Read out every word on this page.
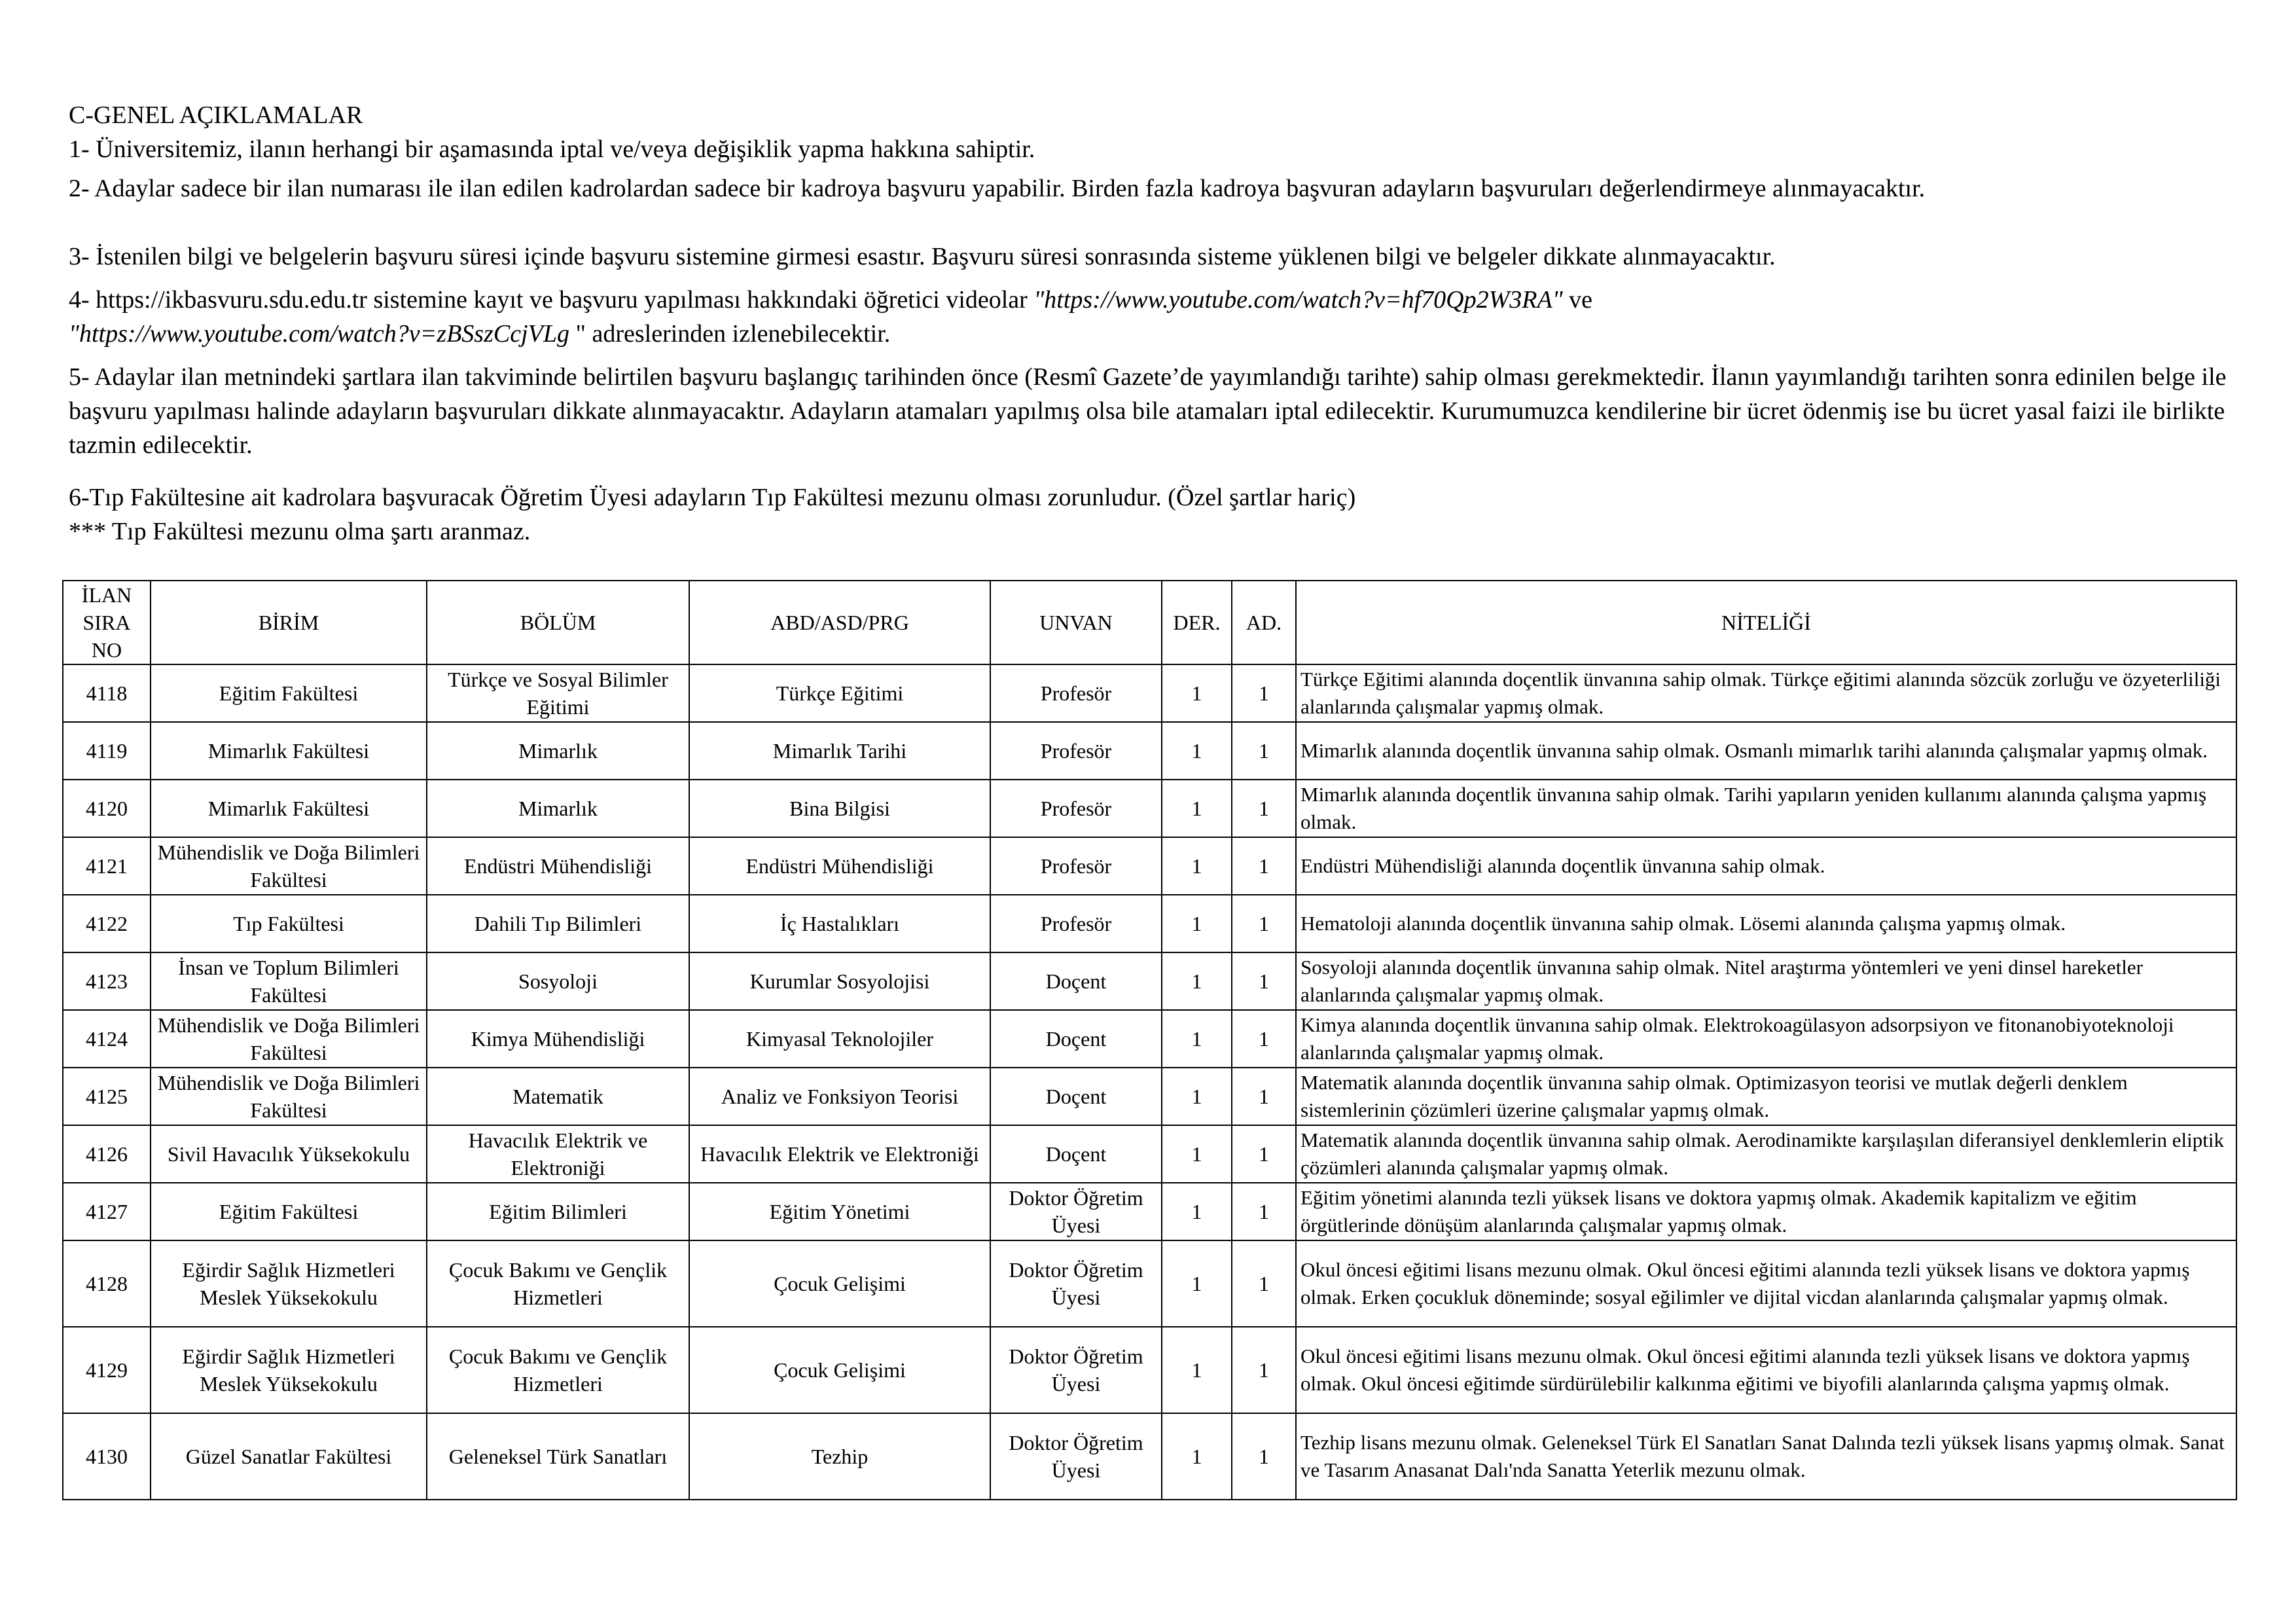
C-GENEL AÇIKLAMALAR

1- Üniversitemiz, ilanın herhangi bir aşamasında iptal ve/veya değişiklik yapma hakkına sahiptir.

2- Adaylar sadece bir ilan numarası ile ilan edilen kadrolardan sadece bir kadroya başvuru yapabilir. Birden fazla kadroya başvuran adayların başvuruları değerlendirmeye alınmayacaktır.

3- İstenilen bilgi ve belgelerin başvuru süresi içinde başvuru sistemine girmesi esastır. Başvuru süresi sonrasında sisteme yüklenen bilgi ve belgeler dikkate alınmayacaktır.

4- https://ikbasvuru.sdu.edu.tr sistemine kayıt ve başvuru yapılması hakkındaki öğretici videolar "https://www.youtube.com/watch?v=hf70Qp2W3RA" ve
"https://www.youtube.com/watch?v=zBSszCcjVLg " adreslerinden izlenebilecektir.

5- Adaylar ilan metnindeki şartlara ilan takviminde belirtilen başvuru başlangıç tarihinden önce (Resmî Gazete’de yayımlandığı tarihte) sahip olması gerekmektedir. İlanın yayımlandığı tarihten sonra edinilen belge ile başvuru yapılması halinde adayların başvuruları dikkate alınmayacaktır. Adayların atamaları yapılmış olsa bile atamaları iptal edilecektir. Kurumumuzca kendilerine bir ücret ödenmiş ise bu ücret yasal faizi ile birlikte tazmin edilecektir.

6-Tıp Fakültesine ait kadrolara başvuracak Öğretim Üyesi adayların Tıp Fakültesi mezunu olması zorunludur. (Özel şartlar hariç)

*** Tıp Fakültesi mezunu olma şartı aranmaz.

İLAN
SIRA
NO	BİRİM	BÖLÜM	ABD/ASD/PRG	UNVAN	DER.	AD.	NİTELİĞİ
4118	Eğitim Fakültesi	Türkçe ve Sosyal Bilimler Eğitimi	Türkçe Eğitimi	Profesör	1	1	Türkçe Eğitimi alanında doçentlik ünvanına sahip olmak. Türkçe eğitimi alanında sözcük zorluğu ve özyeterliliği alanlarında çalışmalar yapmış olmak.
4119	Mimarlık Fakültesi	Mimarlık	Mimarlık Tarihi	Profesör	1	1	Mimarlık alanında doçentlik ünvanına sahip olmak. Osmanlı mimarlık tarihi alanında çalışmalar yapmış olmak.
4120	Mimarlık Fakültesi	Mimarlık	Bina Bilgisi	Profesör	1	1	Mimarlık alanında doçentlik ünvanına sahip olmak. Tarihi yapıların yeniden kullanımı alanında çalışma yapmış olmak.
4121	Mühendislik ve Doğa Bilimleri Fakültesi	Endüstri Mühendisliği	Endüstri Mühendisliği	Profesör	1	1	Endüstri Mühendisliği alanında doçentlik ünvanına sahip olmak.
4122	Tıp Fakültesi	Dahili Tıp Bilimleri	İç Hastalıkları	Profesör	1	1	Hematoloji alanında doçentlik ünvanına sahip olmak. Lösemi alanında çalışma yapmış olmak.
4123	İnsan ve Toplum Bilimleri Fakültesi	Sosyoloji	Kurumlar Sosyolojisi	Doçent	1	1	Sosyoloji alanında doçentlik ünvanına sahip olmak. Nitel araştırma yöntemleri ve yeni dinsel hareketler alanlarında çalışmalar yapmış olmak.
4124	Mühendislik ve Doğa Bilimleri Fakültesi	Kimya Mühendisliği	Kimyasal Teknolojiler	Doçent	1	1	Kimya alanında doçentlik ünvanına sahip olmak. Elektrokoagülasyon adsorpsiyon ve fitonanobiyoteknoloji alanlarında çalışmalar yapmış olmak.
4125	Mühendislik ve Doğa Bilimleri Fakültesi	Matematik	Analiz ve Fonksiyon Teorisi	Doçent	1	1	Matematik alanında doçentlik ünvanına sahip olmak. Optimizasyon teorisi ve mutlak değerli denklem sistemlerinin çözümleri üzerine çalışmalar yapmış olmak.
4126	Sivil Havacılık Yüksekokulu	Havacılık Elektrik ve Elektroniği	Havacılık Elektrik ve Elektroniği	Doçent	1	1	Matematik alanında doçentlik ünvanına sahip olmak. Aerodinamikte karşılaşılan diferansiyel denklemlerin eliptik çözümleri alanında çalışmalar yapmış olmak.
4127	Eğitim Fakültesi	Eğitim Bilimleri	Eğitim Yönetimi	Doktor Öğretim Üyesi	1	1	Eğitim yönetimi alanında tezli yüksek lisans ve doktora yapmış olmak. Akademik kapitalizm ve eğitim örgütlerinde dönüşüm alanlarında çalışmalar yapmış olmak.
4128	Eğirdir Sağlık Hizmetleri Meslek Yüksekokulu	Çocuk Bakımı ve Gençlik Hizmetleri	Çocuk Gelişimi	Doktor Öğretim Üyesi	1	1	Okul öncesi eğitimi lisans mezunu olmak. Okul öncesi eğitimi alanında tezli yüksek lisans ve doktora yapmış olmak. Erken çocukluk döneminde; sosyal eğilimler ve dijital vicdan alanlarında çalışmalar yapmış olmak.
4129	Eğirdir Sağlık Hizmetleri Meslek Yüksekokulu	Çocuk Bakımı ve Gençlik Hizmetleri	Çocuk Gelişimi	Doktor Öğretim Üyesi	1	1	Okul öncesi eğitimi lisans mezunu olmak. Okul öncesi eğitimi alanında tezli yüksek lisans ve doktora yapmış olmak. Okul öncesi eğitimde sürdürülebilir kalkınma eğitimi ve biyofili alanlarında çalışma yapmış olmak.
4130	Güzel Sanatlar Fakültesi	Geleneksel Türk Sanatları	Tezhip	Doktor Öğretim Üyesi	1	1	Tezhip lisans mezunu olmak. Geleneksel Türk El Sanatları Sanat Dalında tezli yüksek lisans yapmış olmak. Sanat ve Tasarım Anasanat Dalı'nda Sanatta Yeterlik mezunu olmak.
